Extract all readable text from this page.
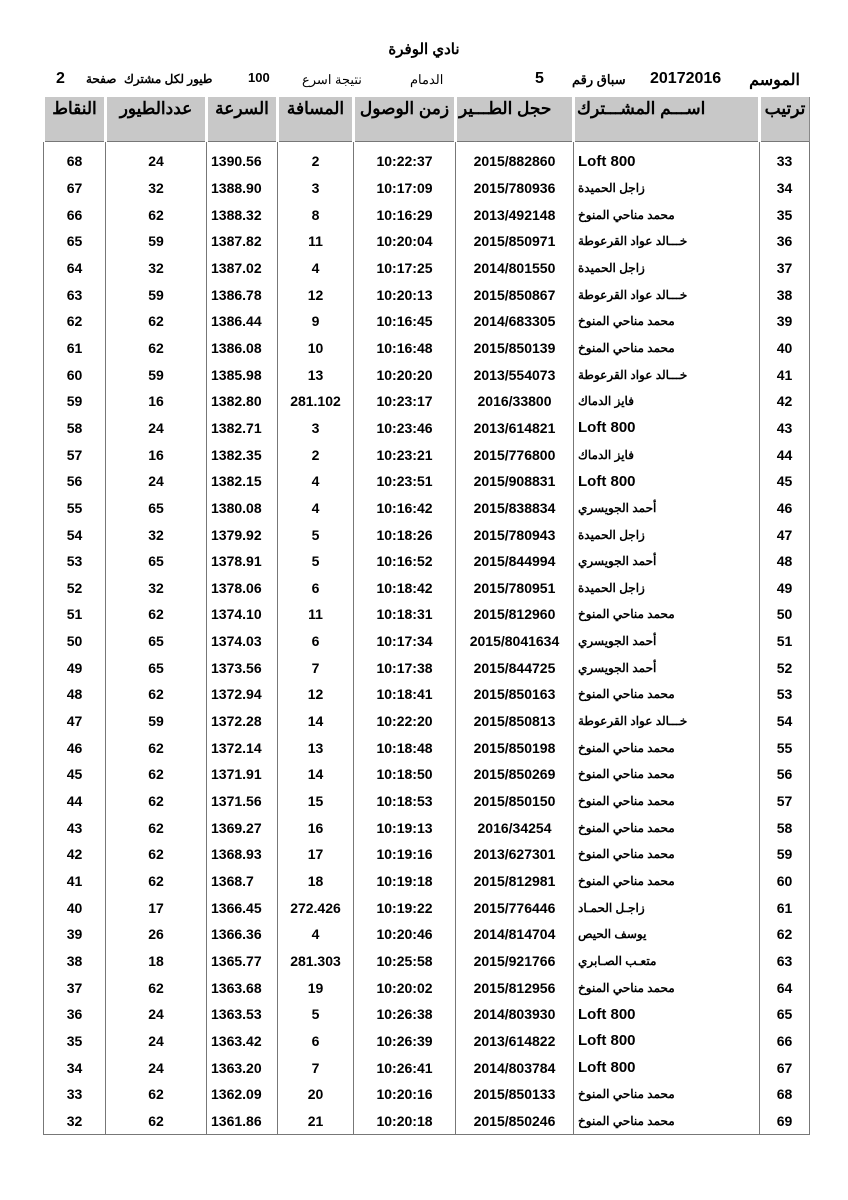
نادي الوفرة
الموسم
20172016
سباق رقم
5
الدمام
نتيجة اسرع
100
طيور لكل مشترك
صفحة
2
ترتيب	اســـم المشـــترك	حجل الطـــير	زمن الوصول	المسافة	السرعة	عددالطيور	النقاط

33	Loft 800	2015/882860	10:22:37	2	1390.56	24	68
34	زاجل الحميدة	2015/780936	10:17:09	3	1388.90	32	67
35	محمد مناحي المنوخ	2013/492148	10:16:29	8	1388.32	62	66
36	خـــالد عواد القرعوطة	2015/850971	10:20:04	11	1387.82	59	65
37	زاجل الحميدة	2014/801550	10:17:25	4	1387.02	32	64
38	خـــالد عواد القرعوطة	2015/850867	10:20:13	12	1386.78	59	63
39	محمد مناحي المنوخ	2014/683305	10:16:45	9	1386.44	62	62
40	محمد مناحي المنوخ	2015/850139	10:16:48	10	1386.08	62	61
41	خـــالد عواد القرعوطة	2013/554073	10:20:20	13	1385.98	59	60
42	فايز الدماك	2016/33800	10:23:17	281.102	1382.80	16	59
43	Loft 800	2013/614821	10:23:46	3	1382.71	24	58
44	فايز الدماك	2015/776800	10:23:21	2	1382.35	16	57
45	Loft 800	2015/908831	10:23:51	4	1382.15	24	56
46	أحمد الجويسري	2015/838834	10:16:42	4	1380.08	65	55
47	زاجل الحميدة	2015/780943	10:18:26	5	1379.92	32	54
48	أحمد الجويسري	2015/844994	10:16:52	5	1378.91	65	53
49	زاجل الحميدة	2015/780951	10:18:42	6	1378.06	32	52
50	محمد مناحي المنوخ	2015/812960	10:18:31	11	1374.10	62	51
51	أحمد الجويسري	2015/8041634	10:17:34	6	1374.03	65	50
52	أحمد الجويسري	2015/844725	10:17:38	7	1373.56	65	49
53	محمد مناحي المنوخ	2015/850163	10:18:41	12	1372.94	62	48
54	خـــالد عواد القرعوطة	2015/850813	10:22:20	14	1372.28	59	47
55	محمد مناحي المنوخ	2015/850198	10:18:48	13	1372.14	62	46
56	محمد مناحي المنوخ	2015/850269	10:18:50	14	1371.91	62	45
57	محمد مناحي المنوخ	2015/850150	10:18:53	15	1371.56	62	44
58	محمد مناحي المنوخ	2016/34254	10:19:13	16	1369.27	62	43
59	محمد مناحي المنوخ	2013/627301	10:19:16	17	1368.93	62	42
60	محمد مناحي المنوخ	2015/812981	10:19:18	18	1368.7	62	41
61	زاجـل الحمـاد	2015/776446	10:19:22	272.426	1366.45	17	40
62	يوسف الحيص	2014/814704	10:20:46	4	1366.36	26	39
63	متعـب الصـابري	2015/921766	10:25:58	281.303	1365.77	18	38
64	محمد مناحي المنوخ	2015/812956	10:20:02	19	1363.68	62	37
65	Loft 800	2014/803930	10:26:38	5	1363.53	24	36
66	Loft 800	2013/614822	10:26:39	6	1363.42	24	35
67	Loft 800	2014/803784	10:26:41	7	1363.20	24	34
68	محمد مناحي المنوخ	2015/850133	10:20:16	20	1362.09	62	33
69	محمد مناحي المنوخ	2015/850246	10:20:18	21	1361.86	62	32
